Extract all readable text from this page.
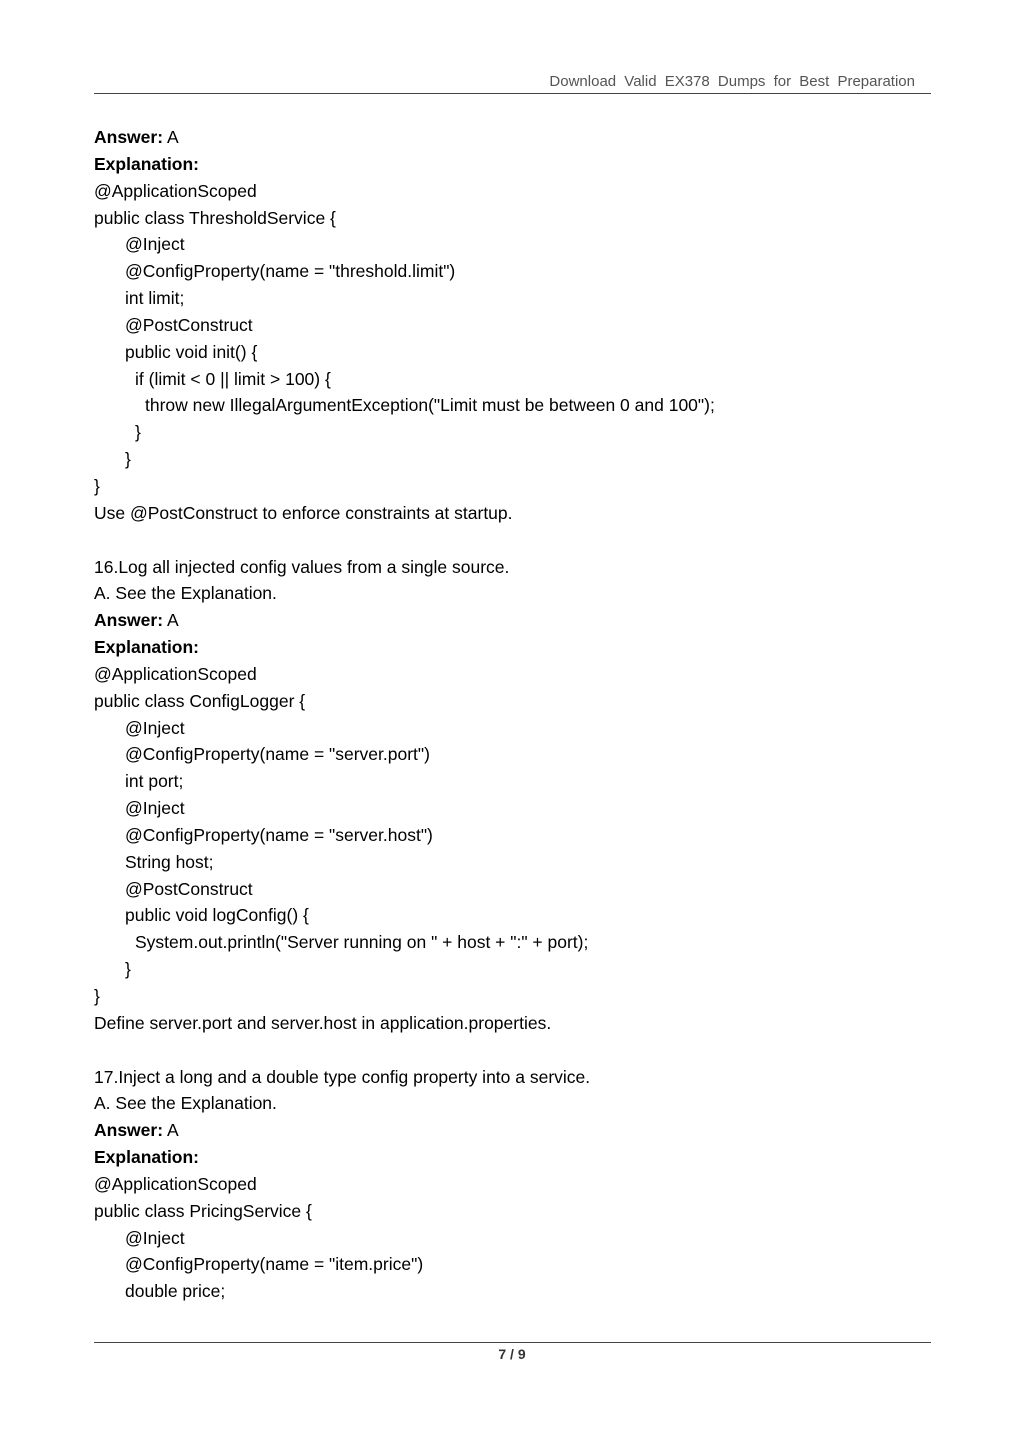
Download Valid EX378 Dumps for Best Preparation
Answer: A
Explanation:
@ApplicationScoped
public class ThresholdService {
@Inject
@ConfigProperty(name = "threshold.limit")
int limit;
@PostConstruct
public void init() {
if (limit < 0 || limit > 100) {
throw new IllegalArgumentException("Limit must be between 0 and 100");
}
}
}
Use @PostConstruct to enforce constraints at startup.
16.Log all injected config values from a single source.
A. See the Explanation.
Answer: A
Explanation:
@ApplicationScoped
public class ConfigLogger {
@Inject
@ConfigProperty(name = "server.port")
int port;
@Inject
@ConfigProperty(name = "server.host")
String host;
@PostConstruct
public void logConfig() {
System.out.println("Server running on " + host + ":" + port);
}
}
Define server.port and server.host in application.properties.
17.Inject a long and a double type config property into a service.
A. See the Explanation.
Answer: A
Explanation:
@ApplicationScoped
public class PricingService {
@Inject
@ConfigProperty(name = "item.price")
double price;
7 / 9
